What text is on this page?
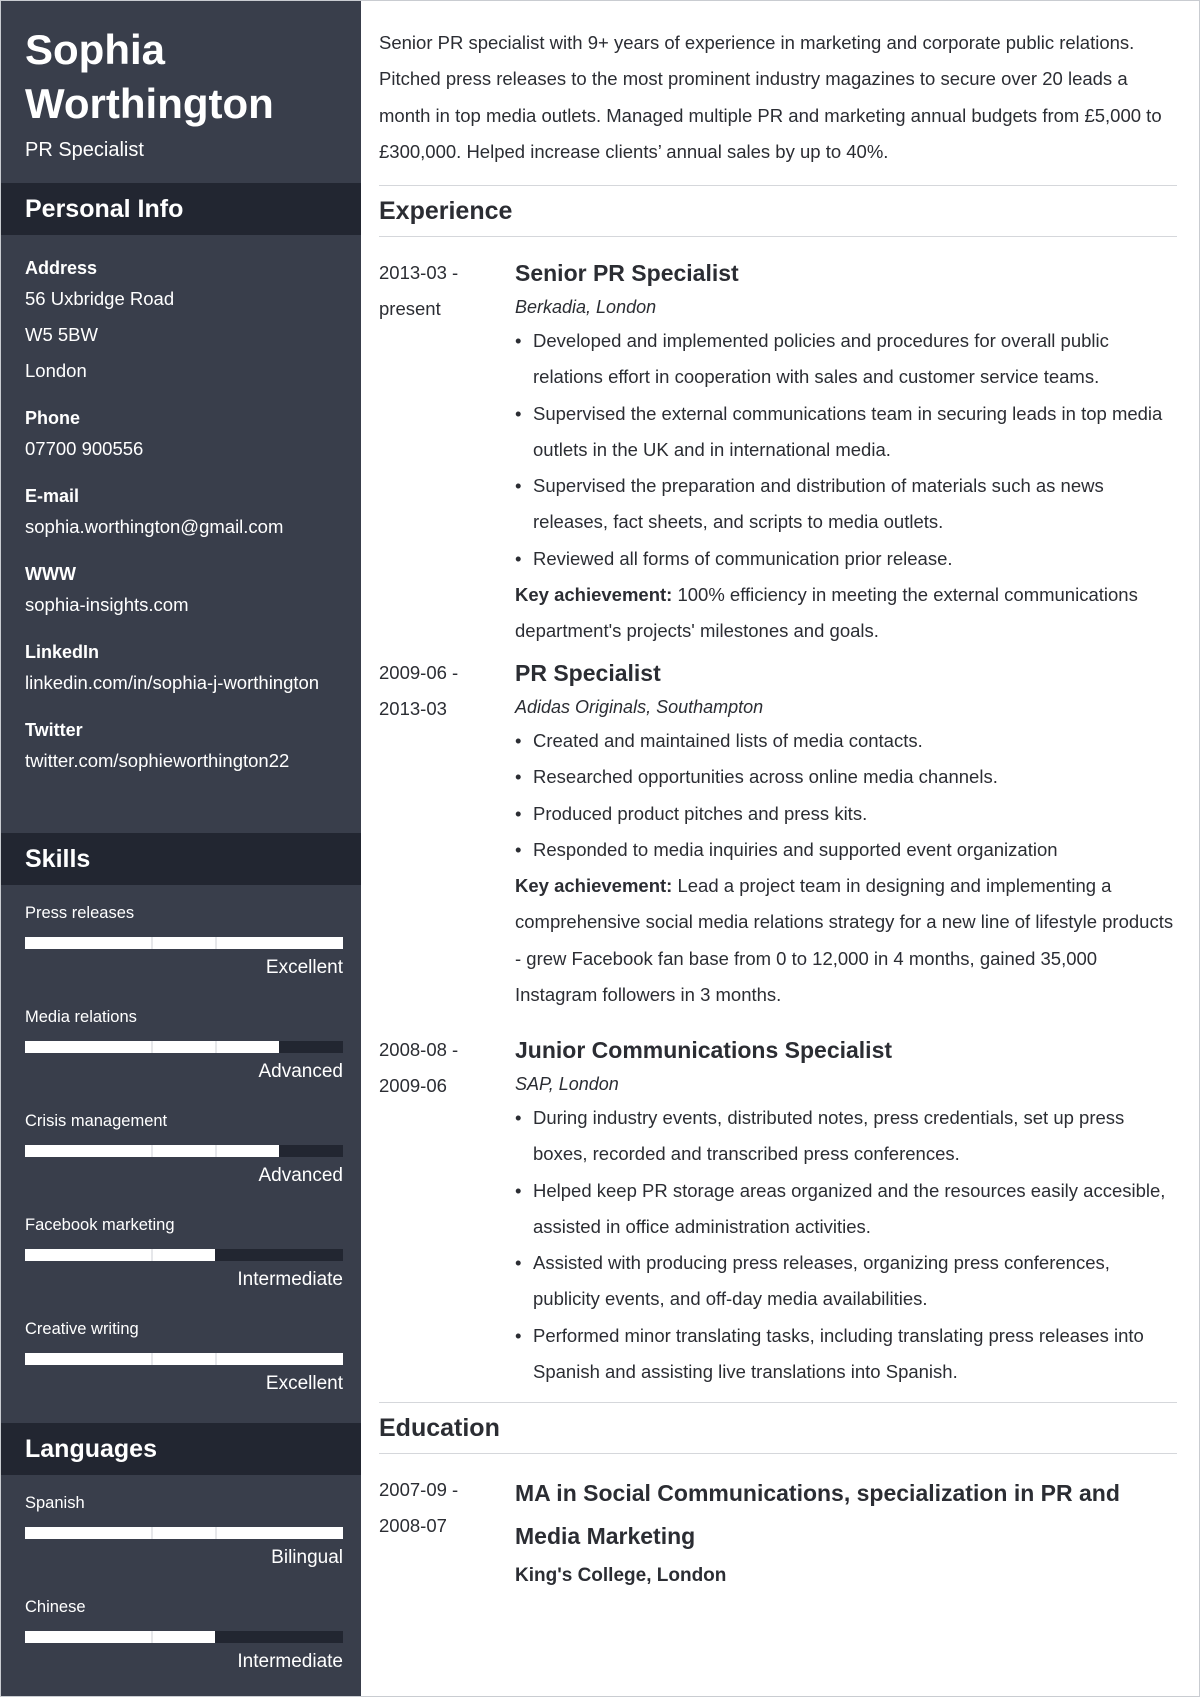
Sophia
Worthington
PR Specialist
Personal Info
Address
56 Uxbridge Road
W5 5BW
London
Phone
07700 900556
E-mail
sophia.worthington@gmail.com
WWW
sophia-insights.com
LinkedIn
linkedin.com/in/sophia-j-worthington
Twitter
twitter.com/sophieworthington22
Skills
Press releases
Excellent
Media relations
Advanced
Crisis management
Advanced
Facebook marketing
Intermediate
Creative writing
Excellent
Languages
Spanish
Bilingual
Chinese
Intermediate
Senior PR specialist with 9+ years of experience in marketing and corporate public relations. Pitched press releases to the most prominent industry magazines to secure over 20 leads a month in top media outlets. Managed multiple PR and marketing annual budgets from £5,000 to £300,000. Helped increase clients’ annual sales by up to 40%.
Experience
2013-03 -
present
Senior PR Specialist
Berkadia, London
• Developed and implemented policies and procedures for overall public relations effort in cooperation with sales and customer service teams.
• Supervised the external communications team in securing leads in top media outlets in the UK and in international media.
• Supervised the preparation and distribution of materials such as news releases, fact sheets, and scripts to media outlets.
• Reviewed all forms of communication prior release.
Key achievement: 100% efficiency in meeting the external communications department's projects' milestones and goals.
2009-06 -
2013-03
PR Specialist
Adidas Originals, Southampton
• Created and maintained lists of media contacts.
• Researched opportunities across online media channels.
• Produced product pitches and press kits.
• Responded to media inquiries and supported event organization
Key achievement: Lead a project team in designing and implementing a comprehensive social media relations strategy for a new line of lifestyle products - grew Facebook fan base from 0 to 12,000 in 4 months, gained 35,000 Instagram followers in 3 months.
2008-08 -
2009-06
Junior Communications Specialist
SAP, London
• During industry events, distributed notes, press credentials, set up press boxes, recorded and transcribed press conferences.
• Helped keep PR storage areas organized and the resources easily accesible, assisted in office administration activities.
• Assisted with producing press releases, organizing press conferences, publicity events, and off-day media availabilities.
• Performed minor translating tasks, including translating press releases into Spanish and assisting live translations into Spanish.
Education
2007-09 -
2008-07
MA in Social Communications, specialization in PR and Media Marketing
King's College, London
